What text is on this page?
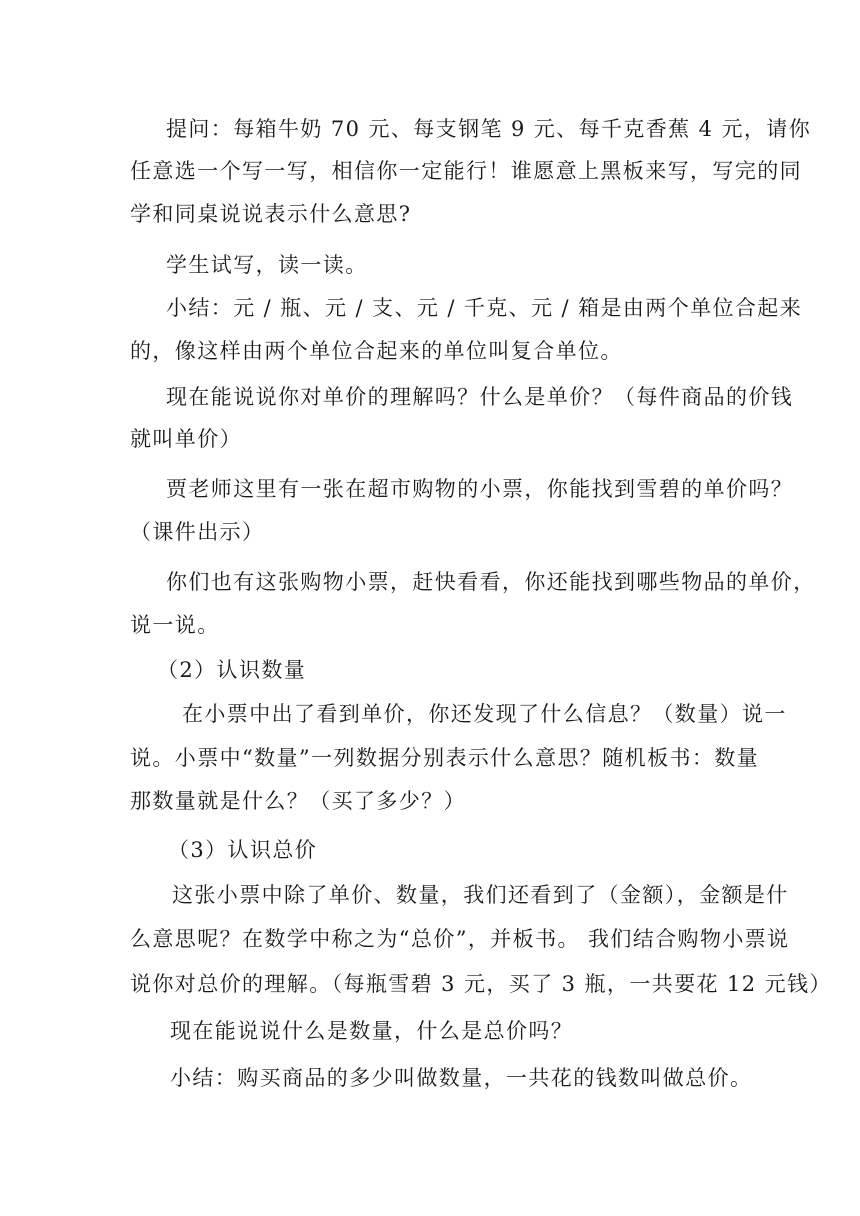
提问：每箱牛奶 70 元、每支钢笔 9 元、每千克香蕉 4 元，请你
任意选一个写一写，相信你一定能行！谁愿意上黑板来写，写完的同
学和同桌说说表示什么意思?
学生试写，读一读。
小结：元 / 瓶、元 / 支、元 / 千克、元 / 箱是由两个单位合起来
的，像这样由两个单位合起来的单位叫复合单位。
现在能说说你对单价的理解吗？什么是单价？（每件商品的价钱
就叫单价）
贾老师这里有一张在超市购物的小票，你能找到雪碧的单价吗？
（课件出示）
你们也有这张购物小票，赶快看看，你还能找到哪些物品的单价，
说一说。
（2）认识数量
在小票中出了看到单价，你还发现了什么信息？（数量）说一
说。小票中“数量”一列数据分别表示什么意思？随机板书：数量
那数量就是什么？（买了多少？）
（3）认识总价
这张小票中除了单价、数量，我们还看到了（金额），金额是什
么意思呢？在数学中称之为“总价”，并板书。 我们结合购物小票说
说你对总价的理解。（每瓶雪碧 3 元，买了 3 瓶，一共要花 12 元钱）
现在能说说什么是数量，什么是总价吗？
小结：购买商品的多少叫做数量，一共花的钱数叫做总价。
